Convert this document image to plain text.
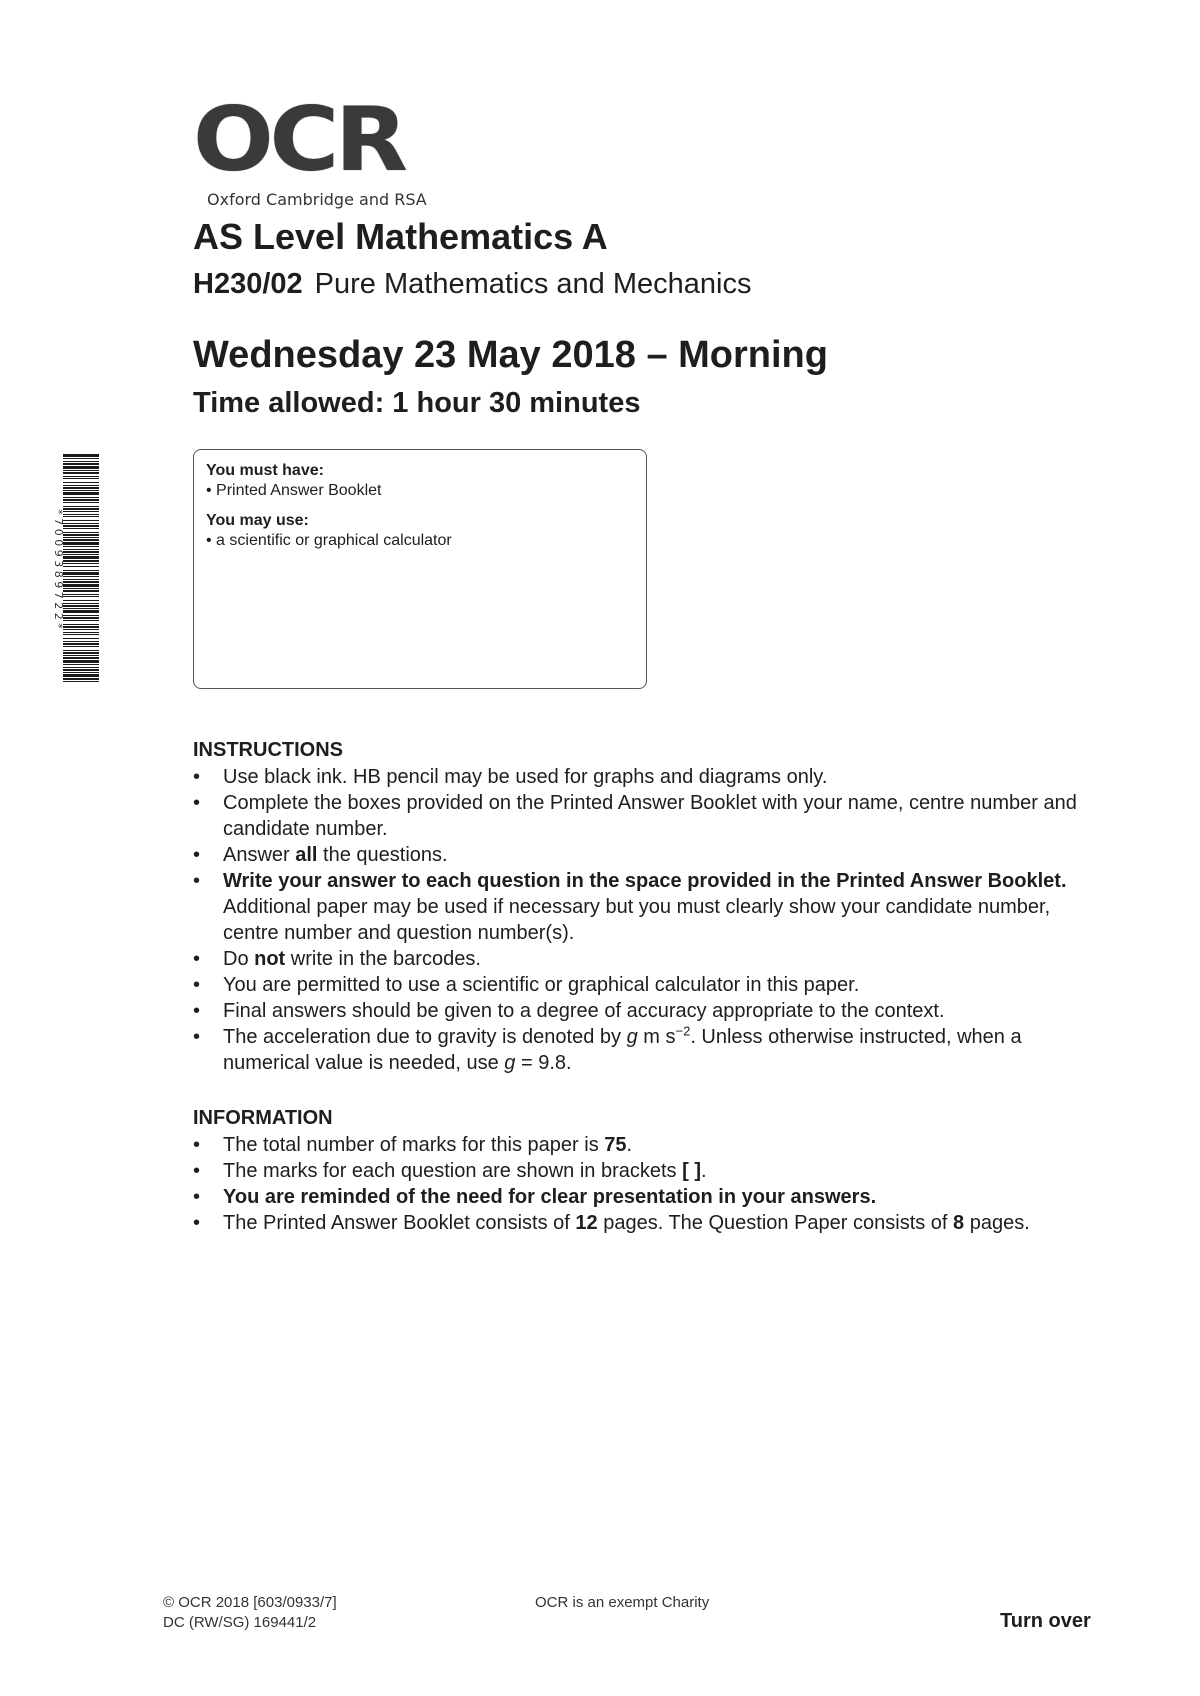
OCR
Oxford Cambridge and RSA
AS Level Mathematics A
H230/02 Pure Mathematics and Mechanics
Wednesday 23 May 2018 – Morning
Time allowed: 1 hour 30 minutes
* 7 0 0 9 3 8 9 7 2 2 *
You must have:
• Printed Answer Booklet
You may use:
• a scientific or graphical calculator
INSTRUCTIONS
• Use black ink. HB pencil may be used for graphs and diagrams only.
• Complete the boxes provided on the Printed Answer Booklet with your name, centre number and candidate number.
• Answer all the questions.
• Write your answer to each question in the space provided in the Printed Answer Booklet. Additional paper may be used if necessary but you must clearly show your candidate number, centre number and question number(s).
• Do not write in the barcodes.
• You are permitted to use a scientific or graphical calculator in this paper.
• Final answers should be given to a degree of accuracy appropriate to the context.
• The acceleration due to gravity is denoted by g m $s^{-2}$. Unless otherwise instructed, when a numerical value is needed, use g = 9.8.
INFORMATION
• The total number of marks for this paper is 75.
• The marks for each question are shown in brackets [ ].
• You are reminded of the need for clear presentation in your answers.
• The Printed Answer Booklet consists of 12 pages. The Question Paper consists of 8 pages.
© OCR 2018 [603/0933/7]
DC (RW/SG) 169441/2
OCR is an exempt Charity
Turn over
